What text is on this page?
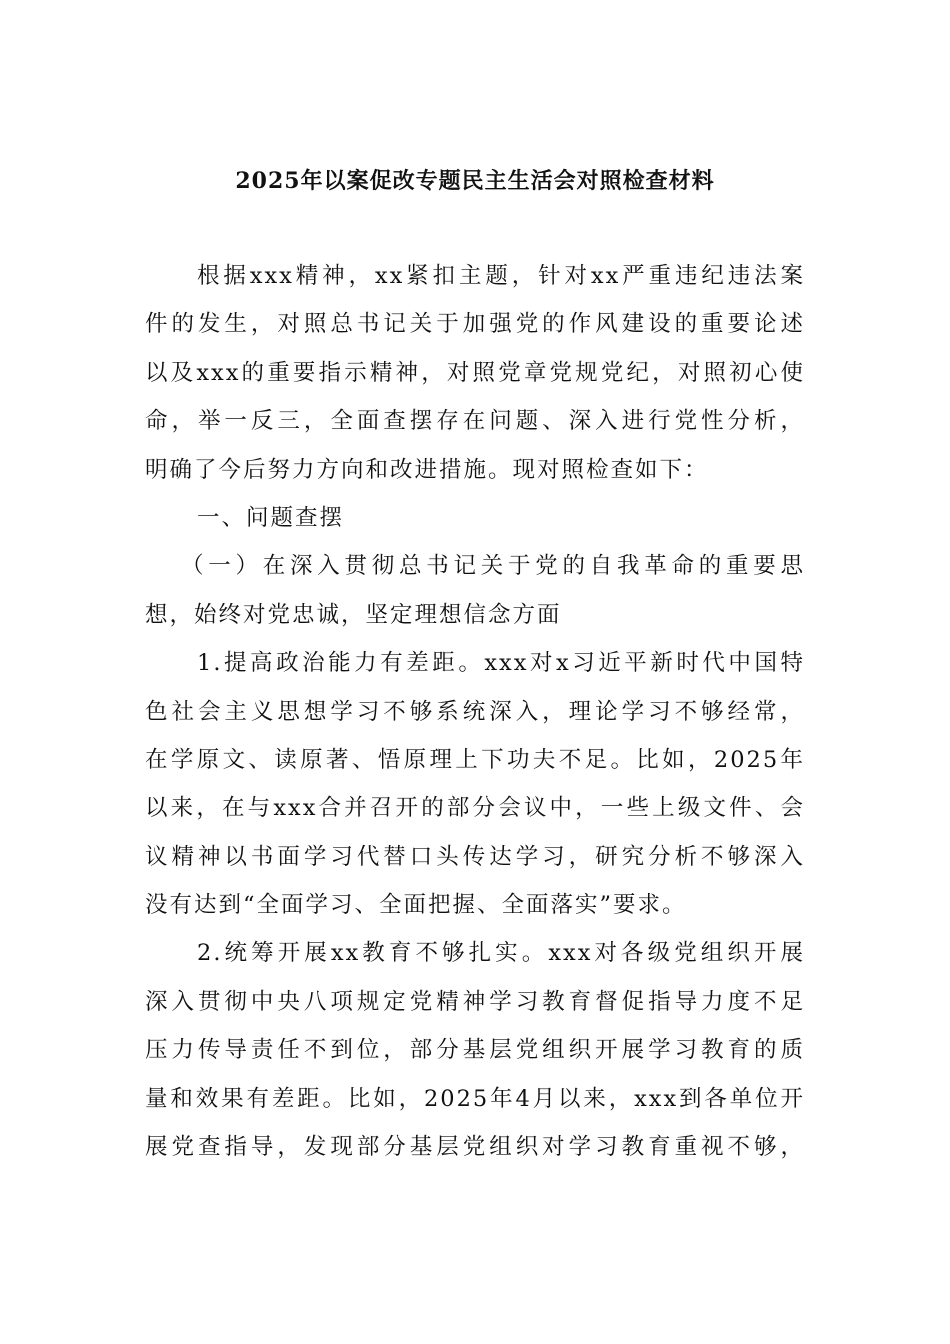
2025年以案促改专题民主生活会对照检查材料
根据xxx精神，xx紧扣主题，针对xx严重违纪违法案
件的发生，对照总书记关于加强党的作风建设的重要论述
以及xxx的重要指示精神，对照党章党规党纪，对照初心使
命，举一反三，全面查摆存在问题、深入进行党性分析，
明确了今后努力方向和改进措施。现对照检查如下：
一、问题查摆
（一）在深入贯彻总书记关于党的自我革命的重要思
想，始终对党忠诚，坚定理想信念方面
1.提高政治能力有差距。xxx对x习近平新时代中国特
色社会主义思想学习不够系统深入，理论学习不够经常，
在学原文、读原著、悟原理上下功夫不足。比如，2025年
以来，在与xxx合并召开的部分会议中，一些上级文件、会
议精神以书面学习代替口头传达学习，研究分析不够深入
没有达到“全面学习、全面把握、全面落实”要求。
2.统筹开展xx教育不够扎实。xxx对各级党组织开展
深入贯彻中央八项规定党精神学习教育督促指导力度不足
压力传导责任不到位，部分基层党组织开展学习教育的质
量和效果有差距。比如，2025年4月以来，xxx到各单位开
展党查指导，发现部分基层党组织对学习教育重视不够，
